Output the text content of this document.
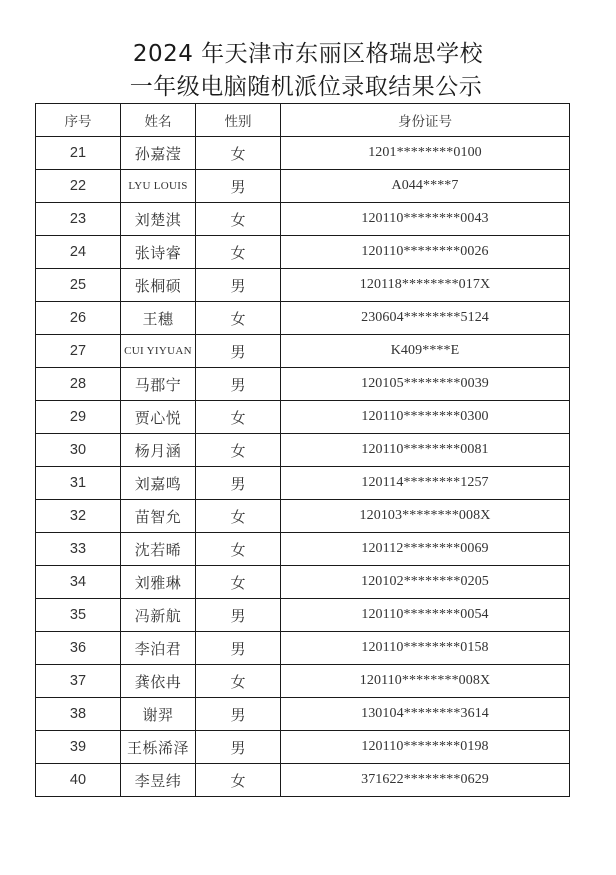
2024 年天津市东丽区格瑞思学校
一年级电脑随机派位录取结果公示
序号	姓名	性别	身份证号
21	孙嘉滢	女	1201********0100
22	LYU LOUIS	男	A044****7
23	刘楚淇	女	120110********0043
24	张诗睿	女	120110********0026
25	张桐硕	男	120118********017X
26	王穗	女	230604********5124
27	CUI YIYUAN	男	K409****E
28	马郡宁	男	120105********0039
29	贾心悦	女	120110********0300
30	杨月涵	女	120110********0081
31	刘嘉鸣	男	120114********1257
32	苗智允	女	120103********008X
33	沈若晞	女	120112********0069
34	刘雅琳	女	120102********0205
35	冯新航	男	120110********0054
36	李泊君	男	120110********0158
37	龚依冉	女	120110********008X
38	谢羿	男	130104********3614
39	王栎浠泽	男	120110********0198
40	李昱纬	女	371622********0629
